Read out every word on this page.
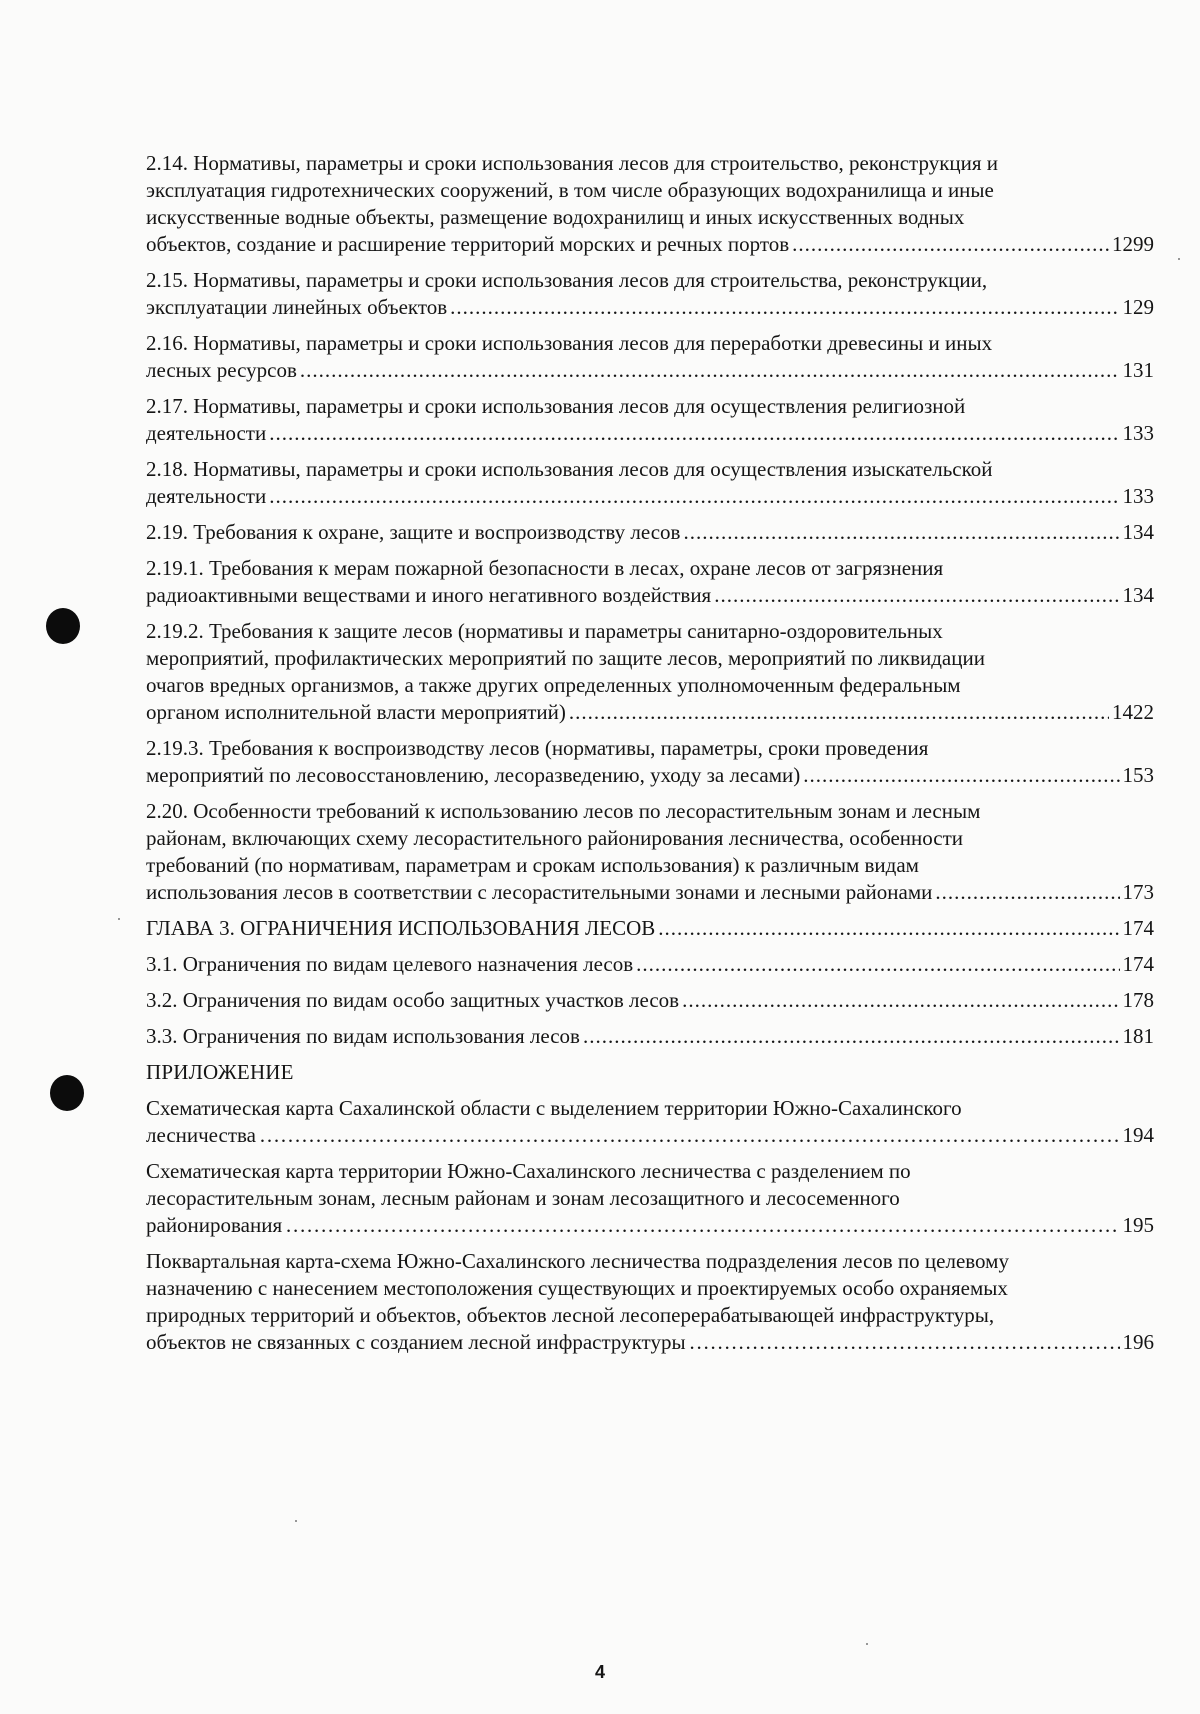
2.14. Нормативы, параметры и сроки использования лесов для строительство, реконструкция и
эксплуатация гидротехнических сооружений, в том числе образующих водохранилища и иные
искусственные водные объекты, размещение водохранилищ и иных искусственных водных
объектов, создание и расширение территорий морских и речных портов .....	1299
2.15. Нормативы, параметры и сроки использования лесов для строительства, реконструкции,
эксплуатации линейных объектов .....	129
2.16. Нормативы, параметры и сроки использования лесов для переработки древесины и иных
лесных ресурсов .....	131
2.17. Нормативы, параметры и сроки использования лесов для осуществления религиозной
деятельности .....	133
2.18. Нормативы, параметры и сроки использования лесов для осуществления изыскательской
деятельности .....	133
2.19. Требования к охране, защите и воспроизводству лесов .....	134
2.19.1. Требования к мерам пожарной безопасности в лесах, охране лесов от загрязнения
радиоактивными веществами и иного негативного воздействия .....	134
2.19.2. Требования к защите лесов (нормативы и параметры санитарно-оздоровительных
мероприятий, профилактических мероприятий по защите лесов, мероприятий по ликвидации
очагов вредных организмов, а также других определенных уполномоченным федеральным
органом исполнительной власти мероприятий) .....	1422
2.19.3. Требования к воспроизводству лесов (нормативы, параметры, сроки проведения
мероприятий по лесовосстановлению, лесоразведению, уходу за лесами) .....	153
2.20. Особенности требований к использованию лесов по лесорастительным зонам и лесным
районам, включающих схему лесорастительного районирования лесничества, особенности
требований (по нормативам, параметрам и срокам использования) к различным видам
использования лесов в соответствии с лесорастительными зонами и лесными районами .....	173
ГЛАВА 3. ОГРАНИЧЕНИЯ ИСПОЛЬЗОВАНИЯ ЛЕСОВ .....	174
3.1. Ограничения по видам целевого назначения лесов .....	174
3.2. Ограничения по видам особо защитных участков лесов .....	178
3.3. Ограничения по видам использования лесов .....	181
ПРИЛОЖЕНИЕ
Схематическая карта Сахалинской области с выделением территории Южно-Сахалинского
лесничества …………………………………………………………………………………………………………………………………………………………………………………	194
Схематическая карта территории Южно-Сахалинского лесничества с разделением по
лесорастительным зонам, лесным районам и зонам лесозащитного и лесосеменного
районирования …………………………………………………………………………………………………………………………………………………………………………………	195
Поквартальная карта-схема Южно-Сахалинского лесничества подразделения лесов по целевому
назначению с нанесением местоположения существующих и проектируемых особо охраняемых
природных территорий и объектов, объектов лесной лесоперерабатывающей инфраструктуры,
объектов не связанных с созданием лесной инфраструктуры …………………………………………………………………………………………………………………………………………………………………………………	196
4
